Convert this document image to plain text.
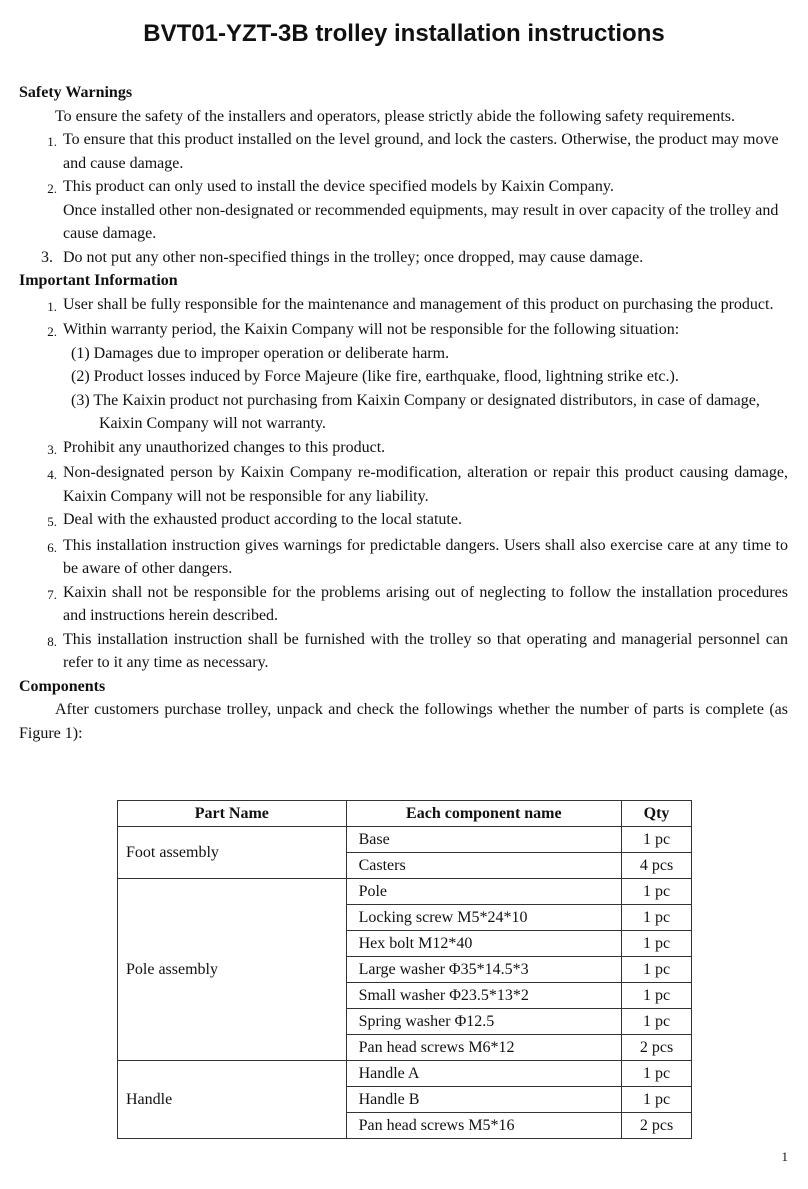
BVT01-YZT-3B trolley installation instructions
Safety Warnings
To ensure the safety of the installers and operators, please strictly abide the following safety requirements.
1. To ensure that this product installed on the level ground, and lock the casters. Otherwise, the product may move and cause damage.
2. This product can only used to install the device specified models by Kaixin Company.
Once installed other non-designated or recommended equipments, may result in over capacity of the trolley and cause damage.
3. Do not put any other non-specified things in the trolley; once dropped, may cause damage.
Important Information
1. User shall be fully responsible for the maintenance and management of this product on purchasing the product.
2. Within warranty period, the Kaixin Company will not be responsible for the following situation:
(1) Damages due to improper operation or deliberate harm.
(2) Product losses induced by Force Majeure (like fire, earthquake, flood, lightning strike etc.).
(3) The Kaixin product not purchasing from Kaixin Company or designated distributors, in case of damage, Kaixin Company will not warranty.
3. Prohibit any unauthorized changes to this product.
4. Non-designated person by Kaixin Company re-modification, alteration or repair this product causing damage, Kaixin Company will not be responsible for any liability.
5. Deal with the exhausted product according to the local statute.
6. This installation instruction gives warnings for predictable dangers. Users shall also exercise care at any time to be aware of other dangers.
7. Kaixin shall not be responsible for the problems arising out of neglecting to follow the installation procedures and instructions herein described.
8. This installation instruction shall be furnished with the trolley so that operating and managerial personnel can refer to it any time as necessary.
Components
After customers purchase trolley, unpack and check the followings whether the number of parts is complete (as Figure 1):
Part Name	Each component name	Qty
Foot assembly	Base	1 pc
	Casters	4 pcs
Pole assembly	Pole	1 pc
	Locking screw M5*24*10	1 pc
	Hex bolt M12*40	1 pc
	Large washer Φ35*14.5*3	1 pc
	Small washer Φ23.5*13*2	1 pc
	Spring washer Φ12.5	1 pc
	Pan head screws M6*12	2 pcs
Handle	Handle A	1 pc
	Handle B	1 pc
	Pan head screws M5*16	2 pcs
1
